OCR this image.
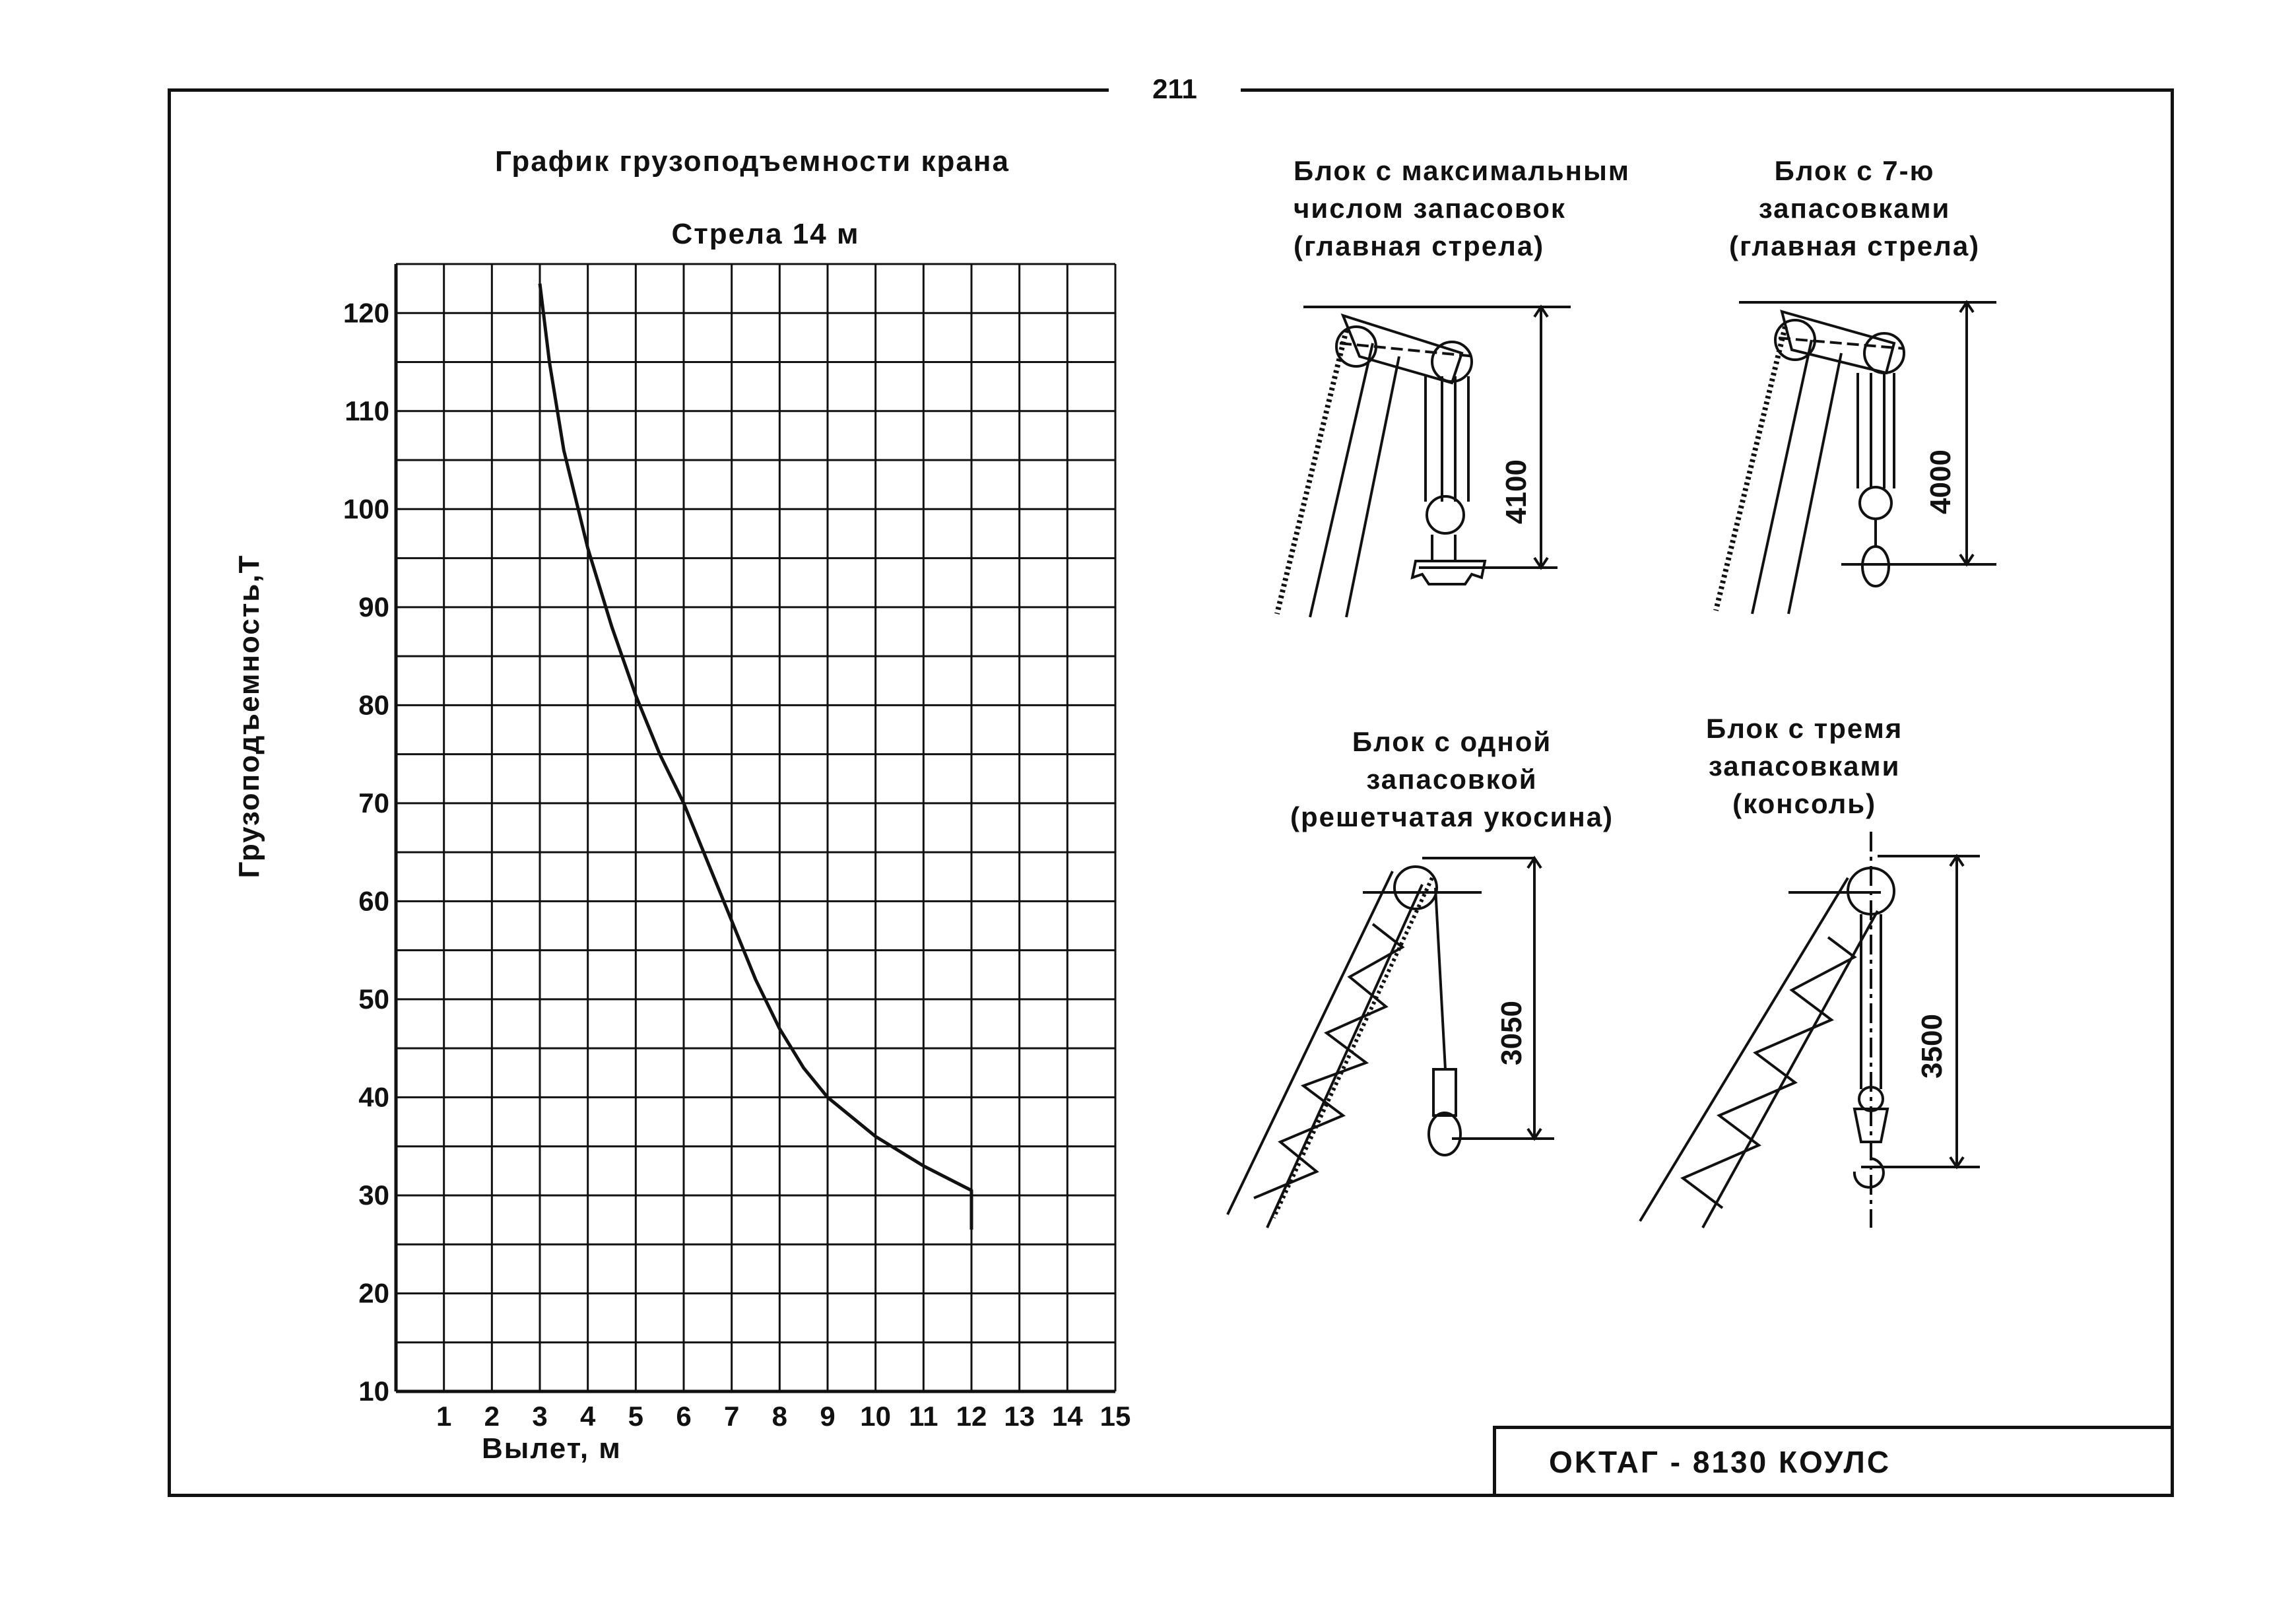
211
График грузоподъемности крана
Стрела 14 м
Грузоподъемность,Т
Вылет, м
10
20
30
40
50
60
70
80
90
100
110
120
1 2 3 4 5 6 7 8 9 10 11 12 13 14 15
4100	4000
3050	3500
Блок с максимальным
числом запасовок
(главная стрела)
Блок с 7-ю
запасовками
(главная стрела)
Блок с одной
запасовкой
(решетчатая укосина)
Блок с тремя
запасовками
(консоль)
OKTAГ - 8130 КОУЛС
